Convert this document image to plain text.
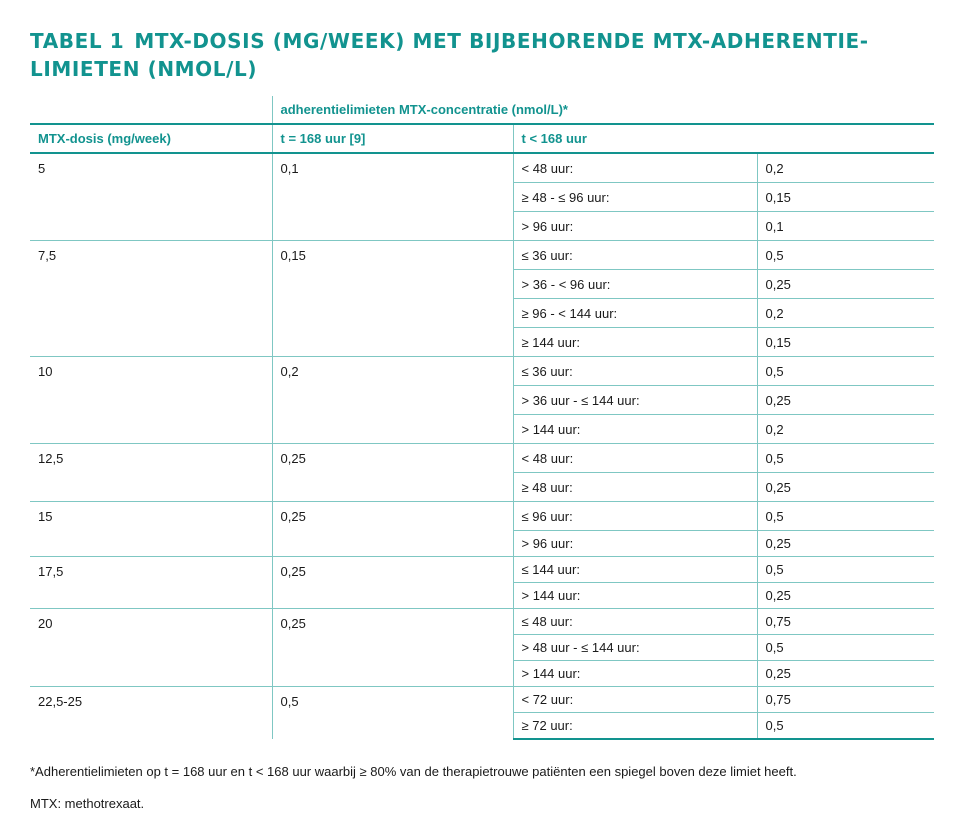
TABEL 1 MTX-DOSIS (MG/WEEK) MET BIJBEHORENDE MTX-ADHERENTIE-LIMIETEN (NMOL/L)
	adherentielimieten MTX-concentratie (nmol/L)*		
MTX-dosis (mg/week)	t = 168 uur [9]	t < 168 uur	
5	0,1	< 48 uur:	0,2
		≥ 48 - ≤ 96 uur:	0,15
		> 96 uur:	0,1
7,5	0,15	≤ 36 uur:	0,5
		> 36 - < 96 uur:	0,25
		≥ 96 - < 144 uur:	0,2
		≥ 144 uur:	0,15
10	0,2	≤ 36 uur:	0,5
		> 36 uur - ≤ 144 uur:	0,25
		> 144 uur:	0,2
12,5	0,25	< 48 uur:	0,5
		≥ 48 uur:	0,25
15	0,25	≤ 96 uur:	0,5
		> 96 uur:	0,25
17,5	0,25	≤ 144 uur:	0,5
		> 144 uur:	0,25
20	0,25	≤ 48 uur:	0,75
		> 48 uur - ≤ 144 uur:	0,5
		> 144 uur:	0,25
22,5-25	0,5	< 72 uur:	0,75
		≥ 72 uur:	0,5

*Adherentielimieten op t = 168 uur en t < 168 uur waarbij ≥ 80% van de therapietrouwe patiënten een spiegel boven deze limiet heeft.

MTX: methotrexaat.
